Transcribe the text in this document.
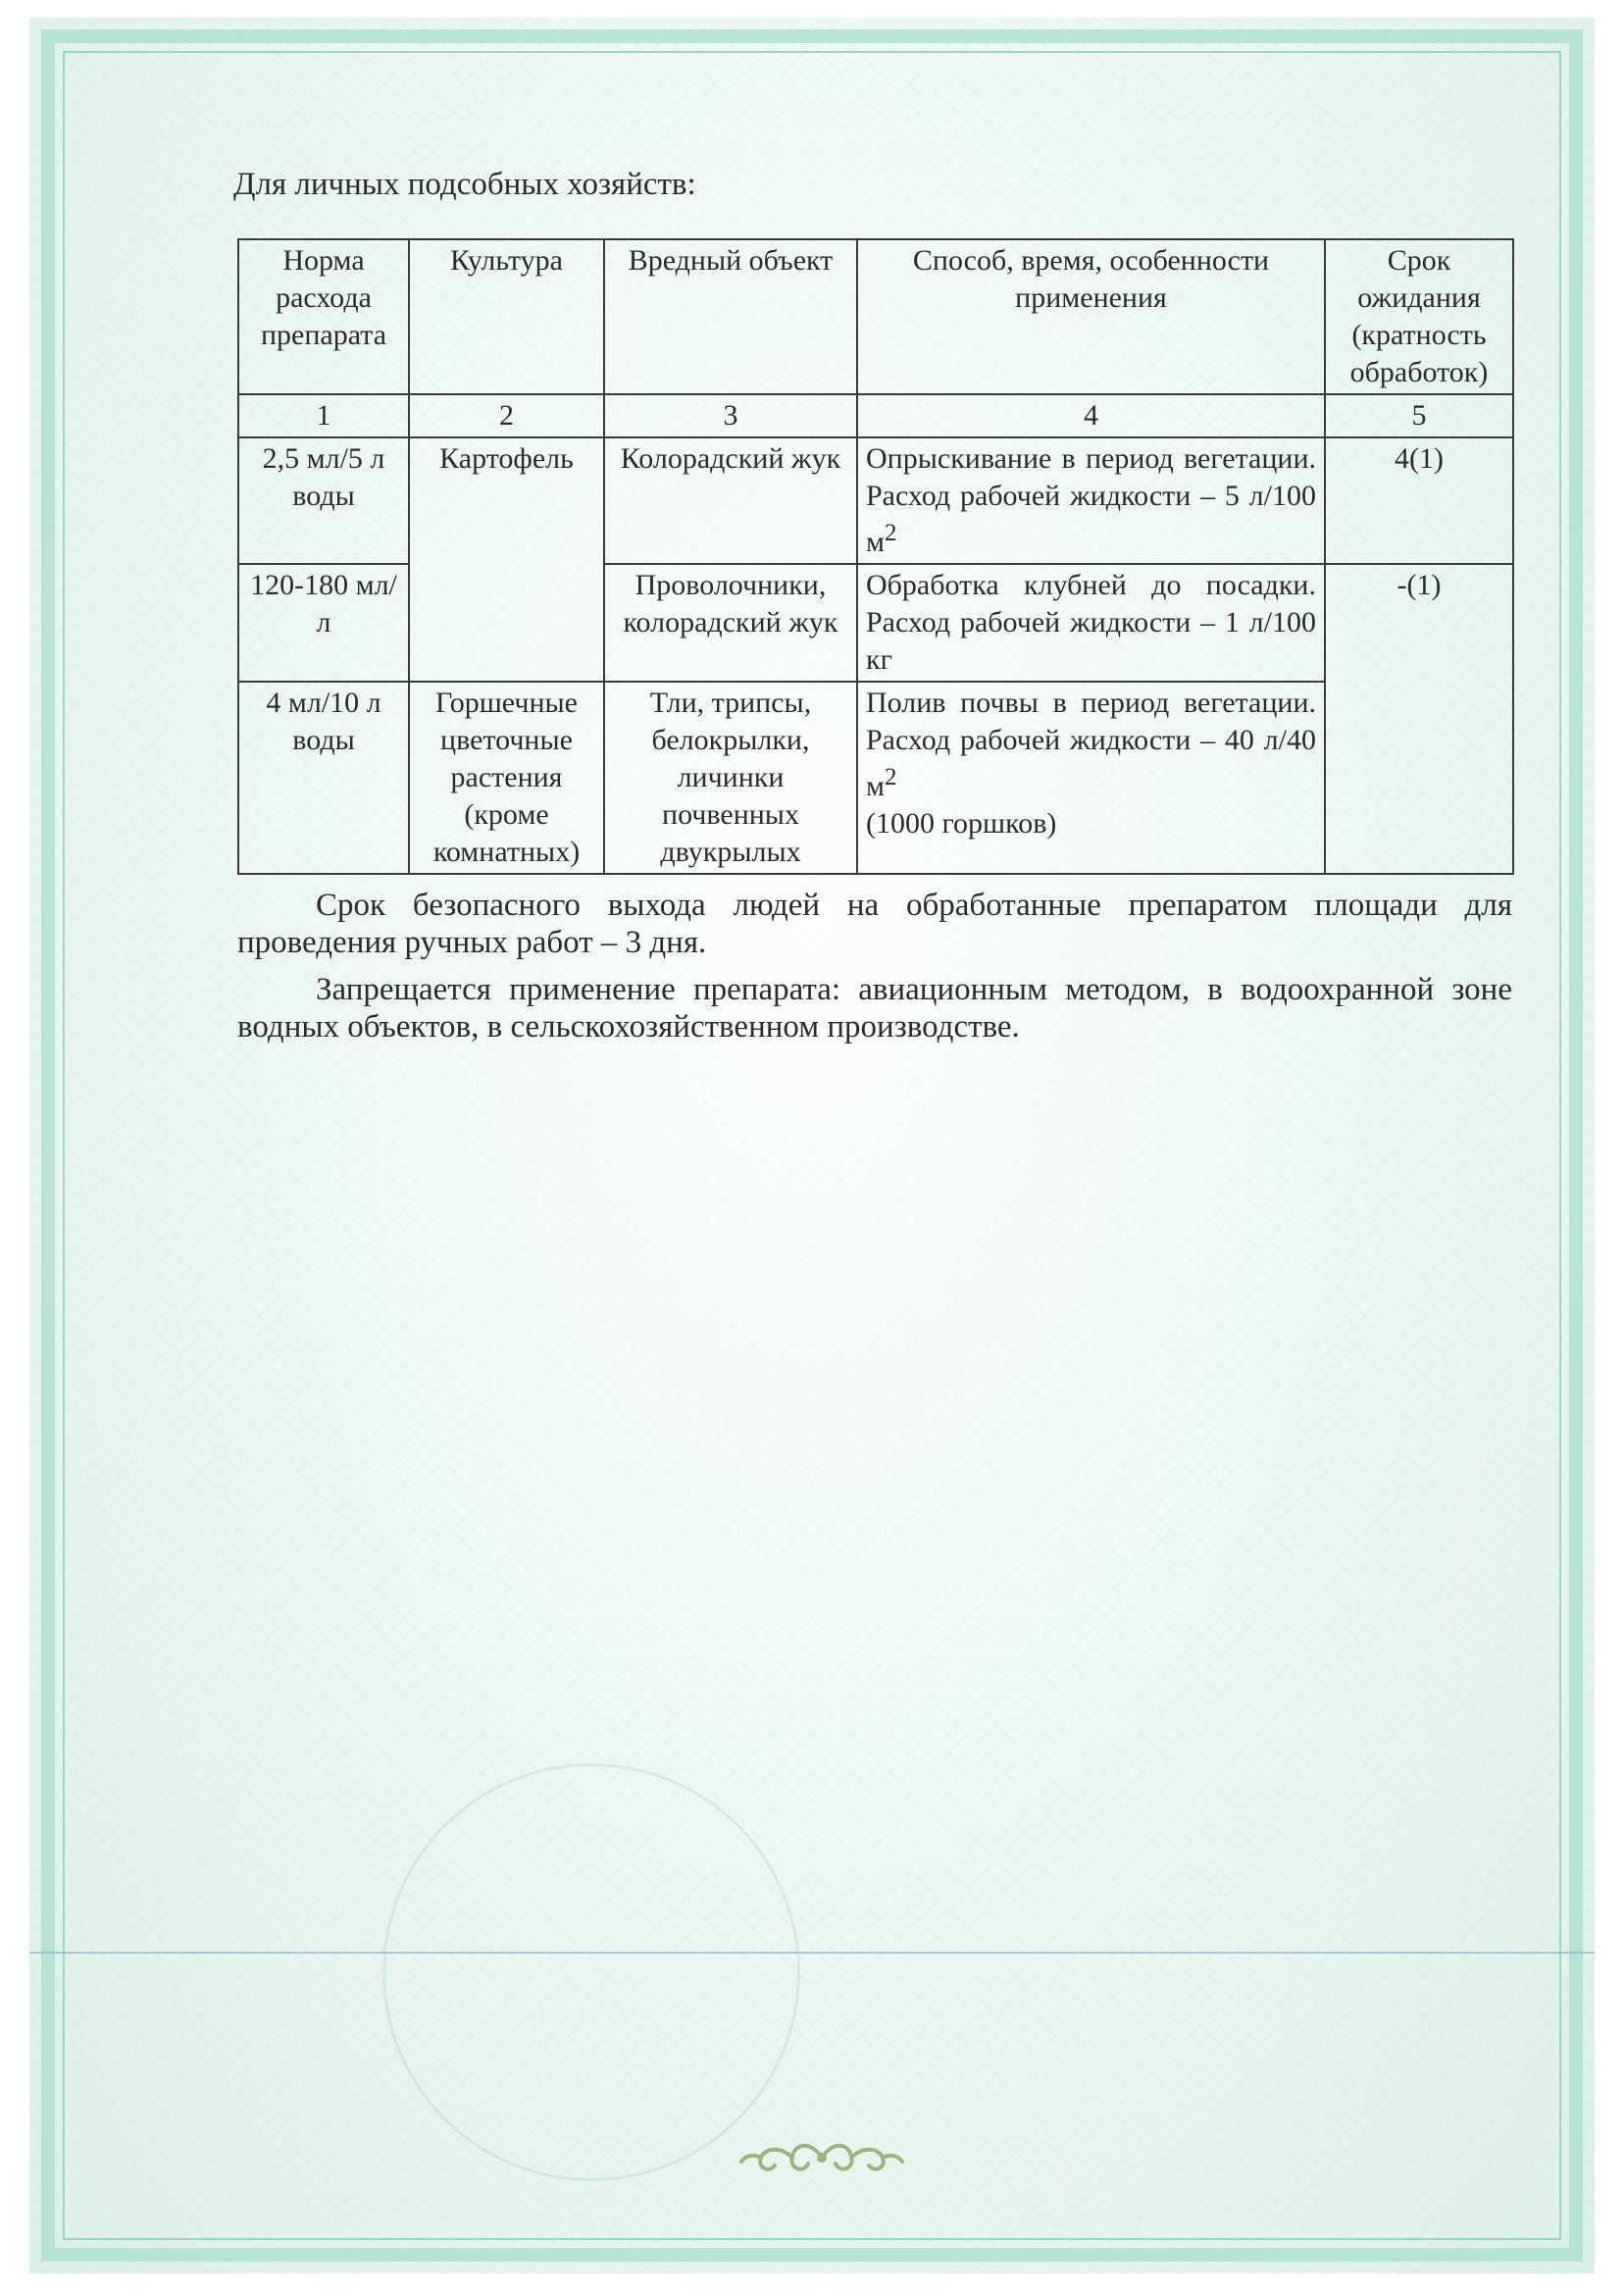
Для личных подсобных хозяйств:
Норма расхода препарата	Культура	Вредный объект	Способ, время, особенности применения	Срок ожидания (кратность обработок)
1	2	3	4	5
2,5 мл/5 л воды	Картофель	Колорадский жук	Опрыскивание в период вегетации. Расход рабочей жидкости – 5 л/100 $м^2$	4(1)
120-180 мл/л		Проволочники, колорадский жук	Обработка клубней до посадки. Расход рабочей жидкости – 1 л/100 кг	-(1)
4 мл/10 л воды	Горшечные цветочные растения (кроме комнатных)	Тли, трипсы, белокрылки, личинки почвенных двукрылых	Полив почвы в период вегетации. Расход рабочей жидкости – 40 л/40 $м^2$
(1000 горшков)	
Срок безопасного выхода людей на обработанные препаратом площади для проведения ручных работ – 3 дня.
Запрещается применение препарата: авиационным методом, в водоохранной зоне водных объектов, в сельскохозяйственном производстве.
